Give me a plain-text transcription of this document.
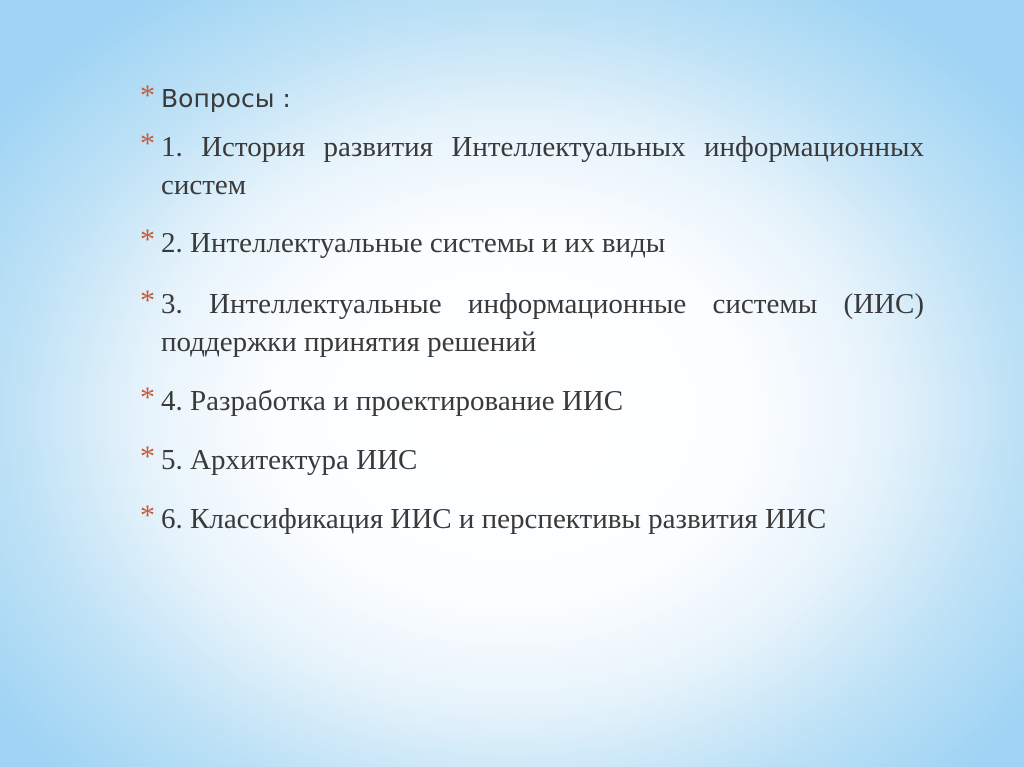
* Вопросы :
* 1. История развития Интеллектуальных информационных систем
* 2. Интеллектуальные системы и их виды
* 3. Интеллектуальные информационные системы (ИИС) поддержки принятия решений
* 4. Разработка и проектирование ИИС
* 5. Архитектура ИИС
* 6. Классификация ИИС и перспективы развития ИИС
